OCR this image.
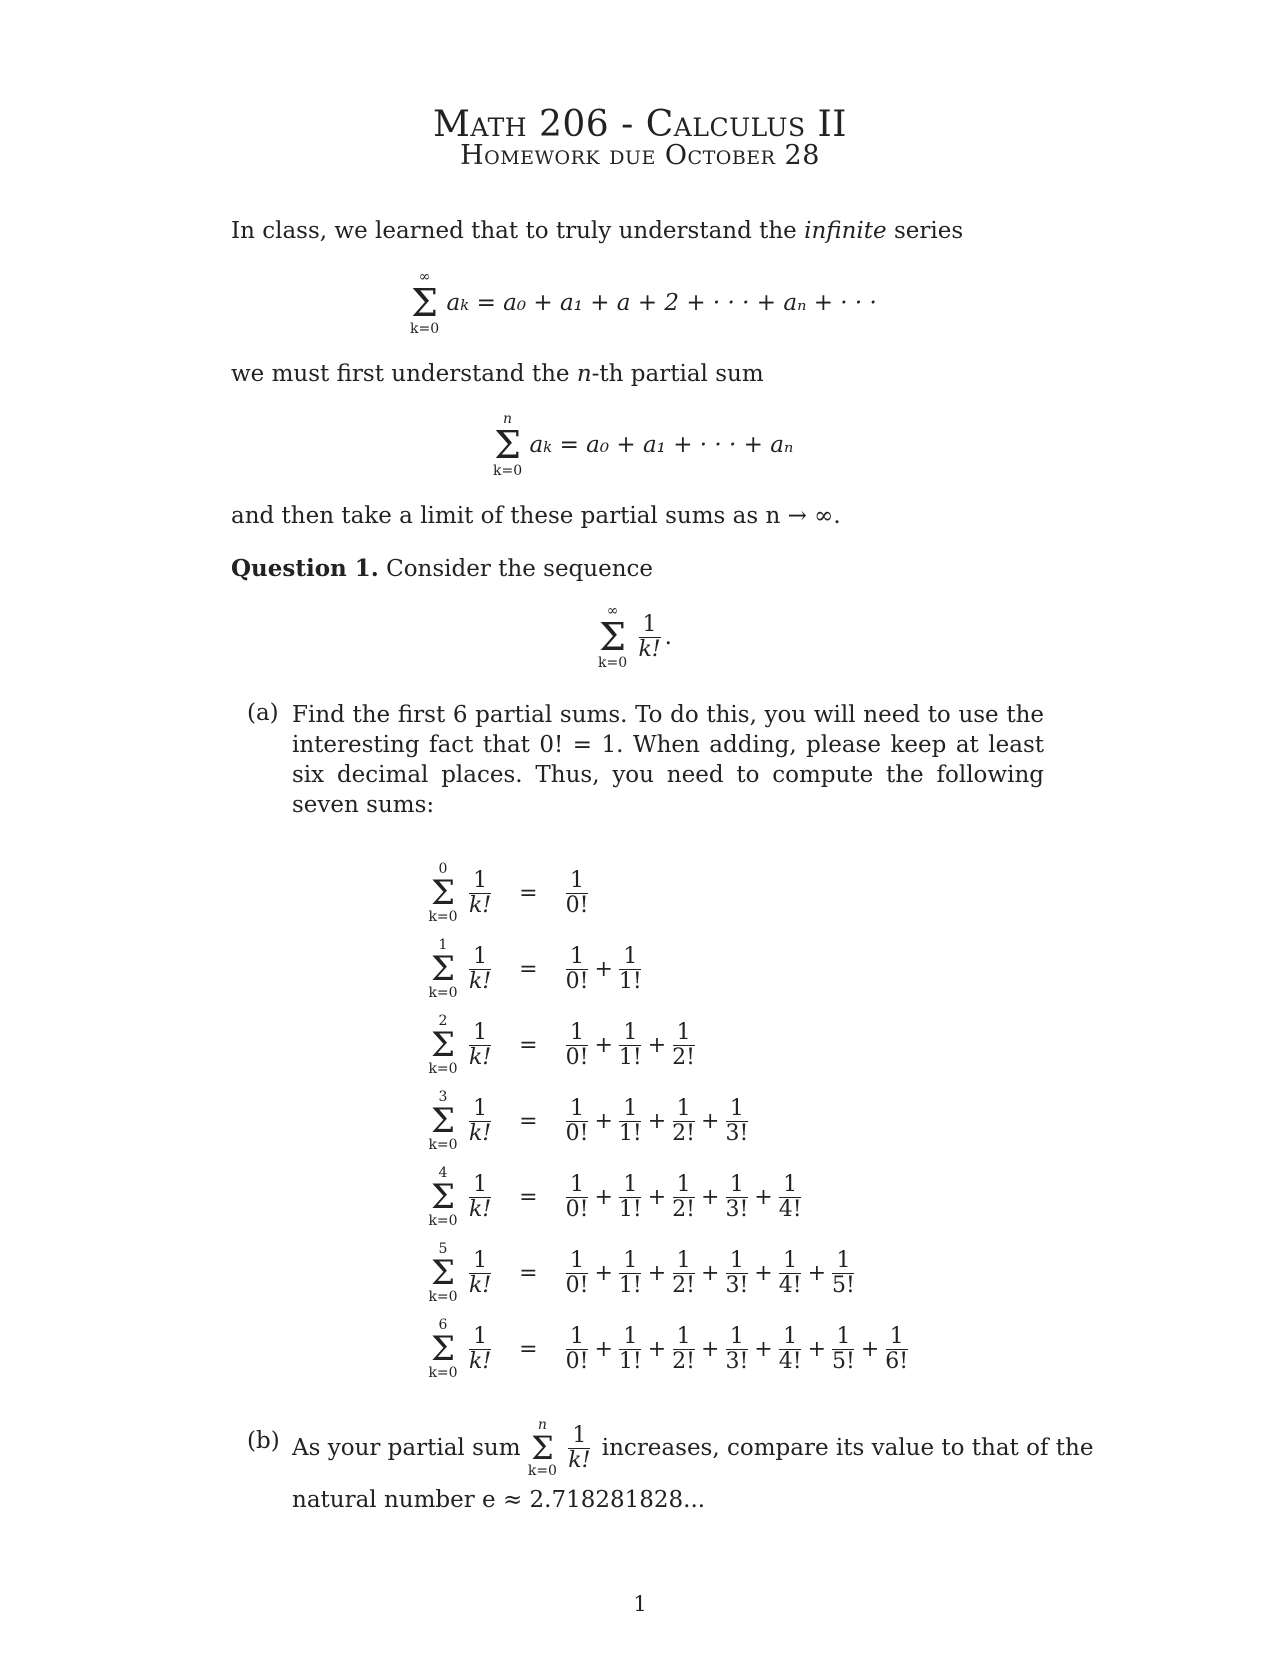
Math 206 - Calculus II
Homework due October 28
In class, we learned that to truly understand the infinite series
∞
Σ
k=0
ak = a₀ + a₁ + a + 2 + · · · + aₙ + · · ·
we must first understand the n-th partial sum
n
Σ
k=0
ak = a₀ + a₁ + · · · + aₙ
and then take a limit of these partial sums as n → ∞.
Question 1. Consider the sequence
∞
Σ
k=0

$\frac{1}{k!}$ .
(a) Find the first 6 partial sums. To do this, you will need to use the interesting fact that 0! = 1. When adding, please keep at least six decimal places. Thus, you need to compute the following seven sums:
0
Σ
k=0
$\frac{1}{k!} = \frac{1}{0!}$
1
Σ
k=0
$\frac{1}{k!} = \frac{1}{0!} + \frac{1}{1!}$
2
Σ
k=0
$\frac{1}{k!} = \frac{1}{0!} + \frac{1}{1!} + \frac{1}{2!}$
3
Σ
k=0
$\frac{1}{k!} = \frac{1}{0!} + \frac{1}{1!} + \frac{1}{2!} + \frac{1}{3!}$
4
Σ
k=0
$\frac{1}{k!} = \frac{1}{0!} + \frac{1}{1!} + \frac{1}{2!} + \frac{1}{3!} + \frac{1}{4!}$
5
Σ
k=0
$\frac{1}{k!} = \frac{1}{0!} + \frac{1}{1!} + \frac{1}{2!} + \frac{1}{3!} + \frac{1}{4!} + \frac{1}{5!}$
6
Σ
k=0
$\frac{1}{k!} = \frac{1}{0!} + \frac{1}{1!} + \frac{1}{2!} + \frac{1}{3!} + \frac{1}{4!} + \frac{1}{5!} + \frac{1}{6!}$
(b) As your partial sum
n
Σ
k=0
$\frac{1}{k!}$ increases, compare its value to that of the
natural number e ≈ 2.718281828...
1
